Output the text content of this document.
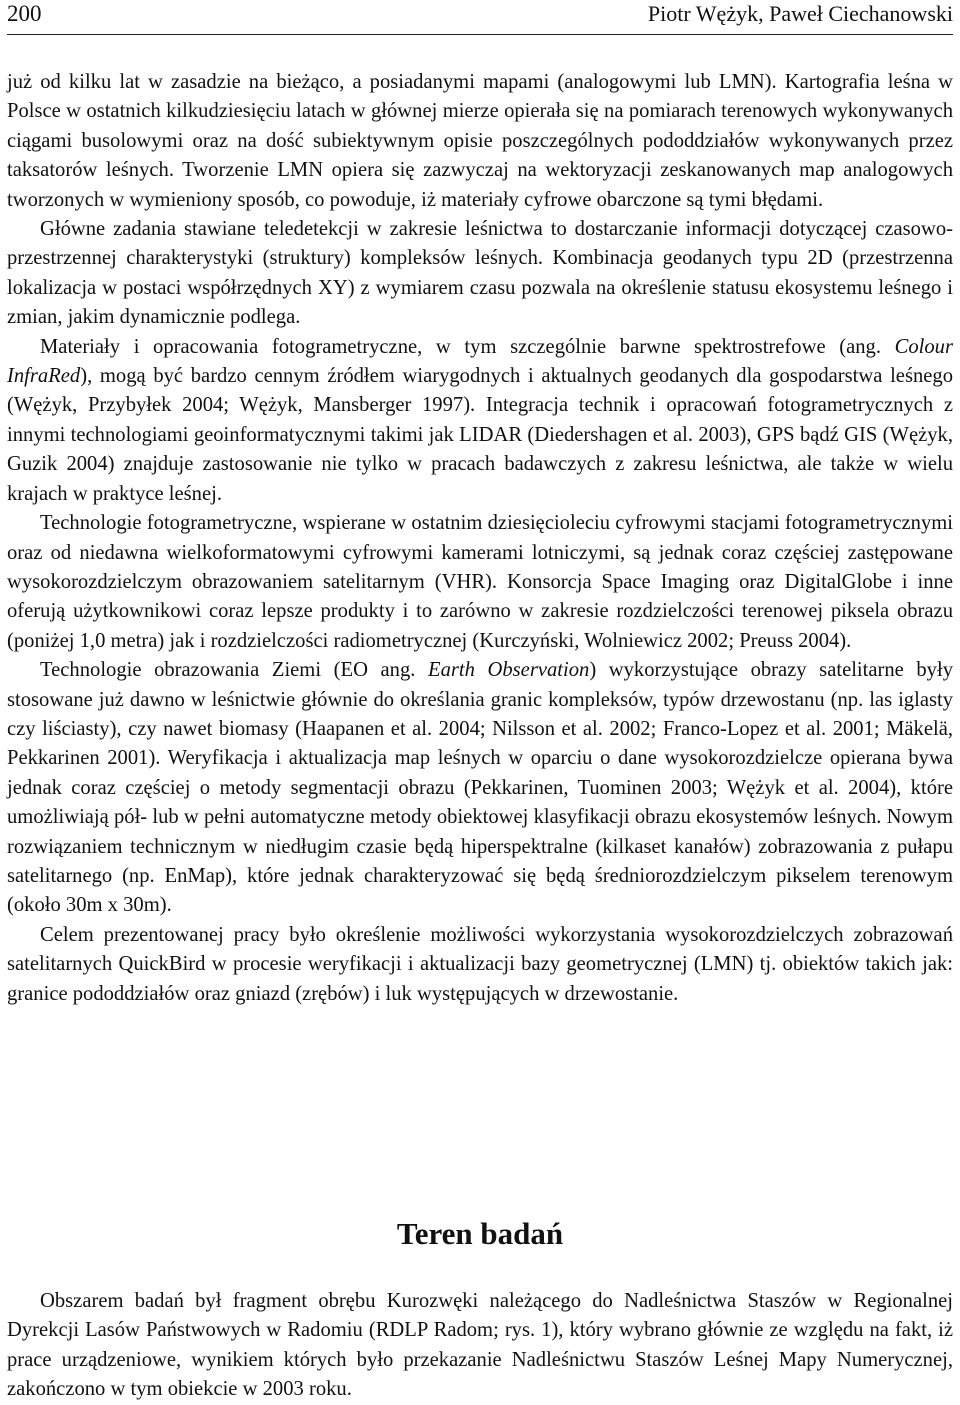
200	Piotr Wężyk, Paweł Ciechanowski

już od kilku lat w zasadzie na bieżąco, a posiadanymi mapami (analogowymi lub LMN). Kartografia leśna w Polsce w ostatnich kilkudziesięciu latach w głównej mierze opierała się na pomiarach terenowych wykonywanych ciągami busolowymi oraz na dość subiektywnym opisie poszczególnych pododdziałów wykonywanych przez taksatorów leśnych. Tworzenie LMN opiera się zazwyczaj na wektoryzacji zeskanowanych map analogowych tworzonych w wymieniony sposób, co powoduje, iż materiały cyfrowe obarczone są tymi błędami.

Główne zadania stawiane teledetekcji w zakresie leśnictwa to dostarczanie informacji dotyczącej czasowo-przestrzennej charakterystyki (struktury) kompleksów leśnych. Kombinacja geodanych typu 2D (przestrzenna lokalizacja w postaci współrzędnych XY) z wymiarem czasu pozwala na określenie statusu ekosystemu leśnego i zmian, jakim dynamicznie podlega.

Materiały i opracowania fotogrametryczne, w tym szczególnie barwne spektrostrefowe (ang. Colour InfraRed), mogą być bardzo cennym źródłem wiarygodnych i aktualnych geodanych dla gospodarstwa leśnego (Wężyk, Przybyłek 2004; Wężyk, Mansberger 1997). Integracja technik i opracowań fotogrametrycznych z innymi technologiami geoinformatycznymi takimi jak LIDAR (Diedershagen et al. 2003), GPS bądź GIS (Wężyk, Guzik 2004) znajduje zastosowanie nie tylko w pracach badawczych z zakresu leśnictwa, ale także w wielu krajach w praktyce leśnej.

Technologie fotogrametryczne, wspierane w ostatnim dziesięcioleciu cyfrowymi stacjami fotogrametrycznymi oraz od niedawna wielkoformatowymi cyfrowymi kamerami lotniczymi, są jednak coraz częściej zastępowane wysokorozdzielczym obrazowaniem satelitarnym (VHR). Konsorcja Space Imaging oraz DigitalGlobe i inne oferują użytkownikowi coraz lepsze produkty i to zarówno w zakresie rozdzielczości terenowej piksela obrazu (poniżej 1,0 metra) jak i rozdzielczości radiometrycznej (Kurczyński, Wolniewicz 2002; Preuss 2004).

Technologie obrazowania Ziemi (EO ang. Earth Observation) wykorzystujące obrazy satelitarne były stosowane już dawno w leśnictwie głównie do określania granic kompleksów, typów drzewostanu (np. las iglasty czy liściasty), czy nawet biomasy (Haapanen et al. 2004; Nilsson et al. 2002; Franco-Lopez et al. 2001; Mäkelä, Pekkarinen 2001). Weryfikacja i aktualizacja map leśnych w oparciu o dane wysokorozdzielcze opierana bywa jednak coraz częściej o metody segmentacji obrazu (Pekkarinen, Tuominen 2003; Wężyk et al. 2004), które umożliwiają pół- lub w pełni automatyczne metody obiektowej klasyfikacji obrazu ekosystemów leśnych. Nowym rozwiązaniem technicznym w niedługim czasie będą hiperspektralne (kilkaset kanałów) zobrazowania z pułapu satelitarnego (np. EnMap), które jednak charakteryzować się będą średniorozdzielczym pikselem terenowym (około 30m x 30m).

Celem prezentowanej pracy było określenie możliwości wykorzystania wysokorozdzielczych zobrazowań satelitarnych QuickBird w procesie weryfikacji i aktualizacji bazy geometrycznej (LMN) tj. obiektów takich jak: granice pododdziałów oraz gniazd (zrębów) i luk występujących w drzewostanie.

Teren badań

Obszarem badań był fragment obrębu Kurozwęki należącego do Nadleśnictwa Staszów w Regionalnej Dyrekcji Lasów Państwowych w Radomiu (RDLP Radom; rys. 1), który wybrano głównie ze względu na fakt, iż prace urządzeniowe, wynikiem których było przekazanie Nadleśnictwu Staszów Leśnej Mapy Numerycznej, zakończono w tym obiekcie w 2003 roku.
